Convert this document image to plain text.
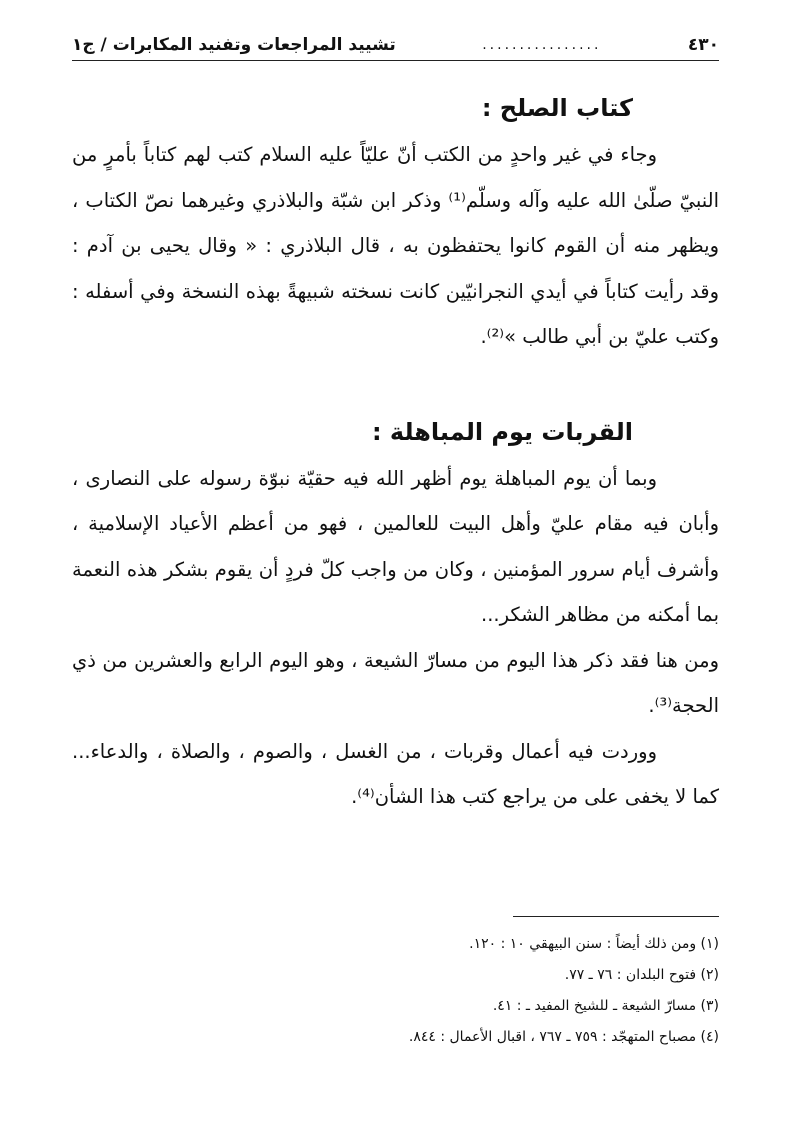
٤٣٠
................
تشييد المراجعات وتفنيد المكابرات / ج١
كتاب الصلح :

وجاء في غير واحدٍ من الكتب أنّ عليّاً عليه السلام كتب لهم كتاباً بأمرٍ من النبيّ صلّىٰ الله عليه وآله وسلّم⁽¹⁾ وذكر ابن شبّة والبلاذري وغيرهما نصّ الكتاب ، ويظهر منه أن القوم كانوا يحتفظون به ، قال البلاذري : « وقال يحيى بن آدم : وقد رأيت كتاباً في أيدي النجرانيّين كانت نسخته شبيهةً بهذه النسخة وفي أسفله : وكتب عليّ بن أبي طالب »⁽²⁾.

القربات يوم المباهلة :

وبما أن يوم المباهلة يوم أظهر الله فيه حقيّة نبوّة رسوله على النصارى ، وأبان فيه مقام عليّ وأهل البيت للعالمين ، فهو من أعظم الأعياد الإسلامية ، وأشرف أيام سرور المؤمنين ، وكان من واجب كلّ فردٍ أن يقوم بشكر هذه النعمة بما أمكنه من مظاهر الشكر...

ومن هنا فقد ذكر هذا اليوم من مسارّ الشيعة ، وهو اليوم الرابع والعشرين من ذي الحجة⁽³⁾.

ووردت فيه أعمال وقربات ، من الغسل ، والصوم ، والصلاة ، والدعاء... كما لا يخفى على من يراجع كتب هذا الشأن⁽⁴⁾.

(١) ومن ذلك أيضاً : سنن البيهقي ١٠ : ١٢٠.

(٢) فتوح البلدان : ٧٦ ـ ٧٧.

(٣) مسارّ الشيعة ـ للشيخ المفيد ـ : ٤١.

(٤) مصباح المتهجّد : ٧٥٩ ـ ٧٦٧ ، اقبال الأعمال : ٨٤٤.
